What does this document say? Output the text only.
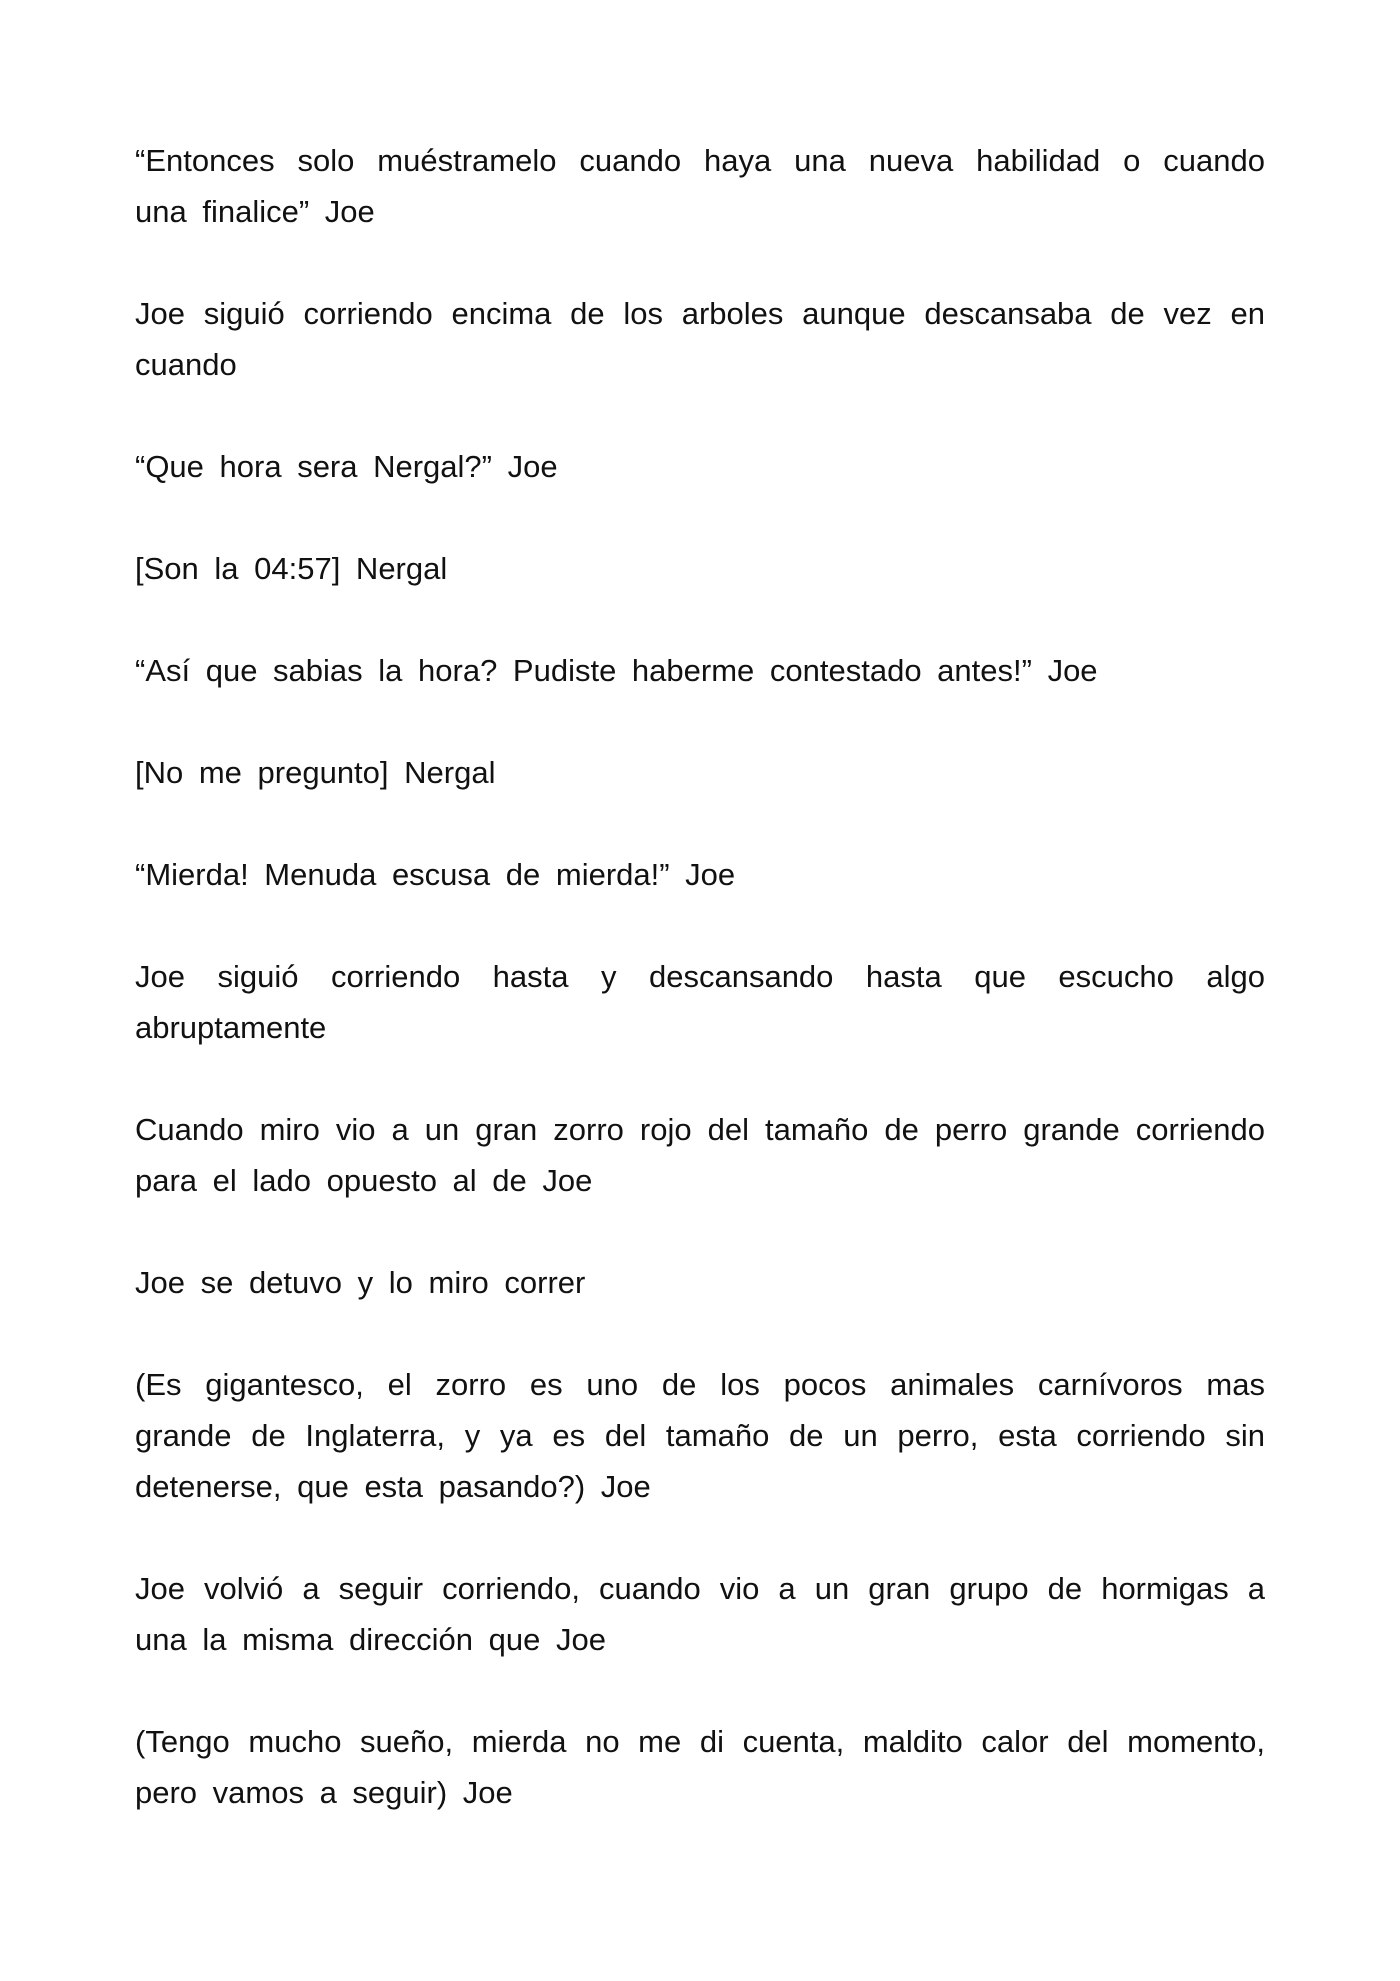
“Entonces solo muéstramelo cuando haya una nueva habilidad o cuando una finalice” Joe

Joe siguió corriendo encima de los arboles aunque descansaba de vez en cuando

“Que hora sera Nergal?” Joe

[Son la 04:57] Nergal

“Así que sabias la hora? Pudiste haberme contestado antes!” Joe

[No me pregunto] Nergal

“Mierda! Menuda escusa de mierda!” Joe

Joe siguió corriendo hasta y descansando hasta que escucho algo abruptamente

Cuando miro vio a un gran zorro rojo del tamaño de perro grande corriendo para el lado opuesto al de Joe

Joe se detuvo y lo miro correr

(Es gigantesco, el zorro es uno de los pocos animales carnívoros mas grande de Inglaterra, y ya es del tamaño de un perro, esta corriendo sin detenerse, que esta pasando?) Joe

Joe volvió a seguir corriendo, cuando vio a un gran grupo de hormigas a una la misma dirección que Joe

(Tengo mucho sueño, mierda no me di cuenta, maldito calor del momento, pero vamos a seguir) Joe
